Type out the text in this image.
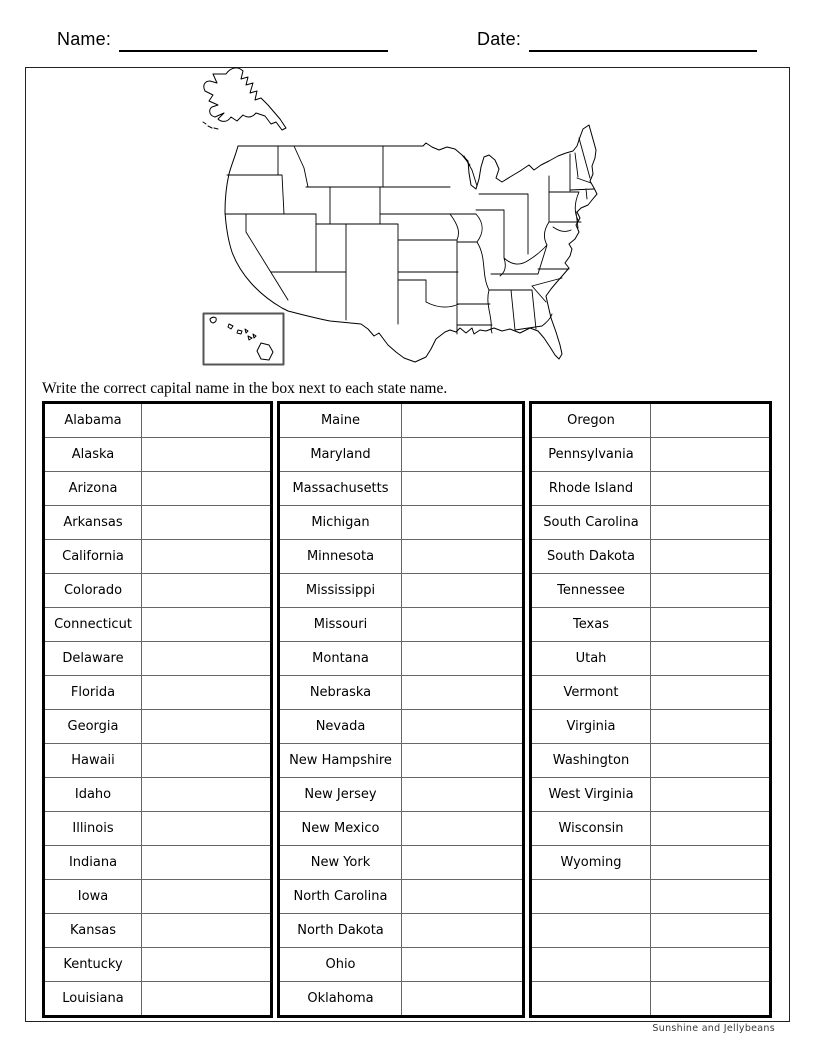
Name:	Date:
Write the correct capital name in the box next to each state name.
Alabama	
Alaska	
Arizona	
Arkansas	
California	
Colorado	
Connecticut	
Delaware	
Florida	
Georgia	
Hawaii	
Idaho	
Illinois	
Indiana	
Iowa	
Kansas	
Kentucky	
Louisiana	
Maine	
Maryland	
Massachusetts	
Michigan	
Minnesota	
Mississippi	
Missouri	
Montana	
Nebraska	
Nevada	
New Hampshire	
New Jersey	
New Mexico	
New York	
North Carolina	
North Dakota	
Ohio	
Oklahoma	
Oregon	
Pennsylvania	
Rhode Island	
South Carolina	
South Dakota	
Tennessee	
Texas	
Utah	
Vermont	
Virginia	
Washington	
West Virginia	
Wisconsin	
Wyoming	

Sunshine and Jellybeans
